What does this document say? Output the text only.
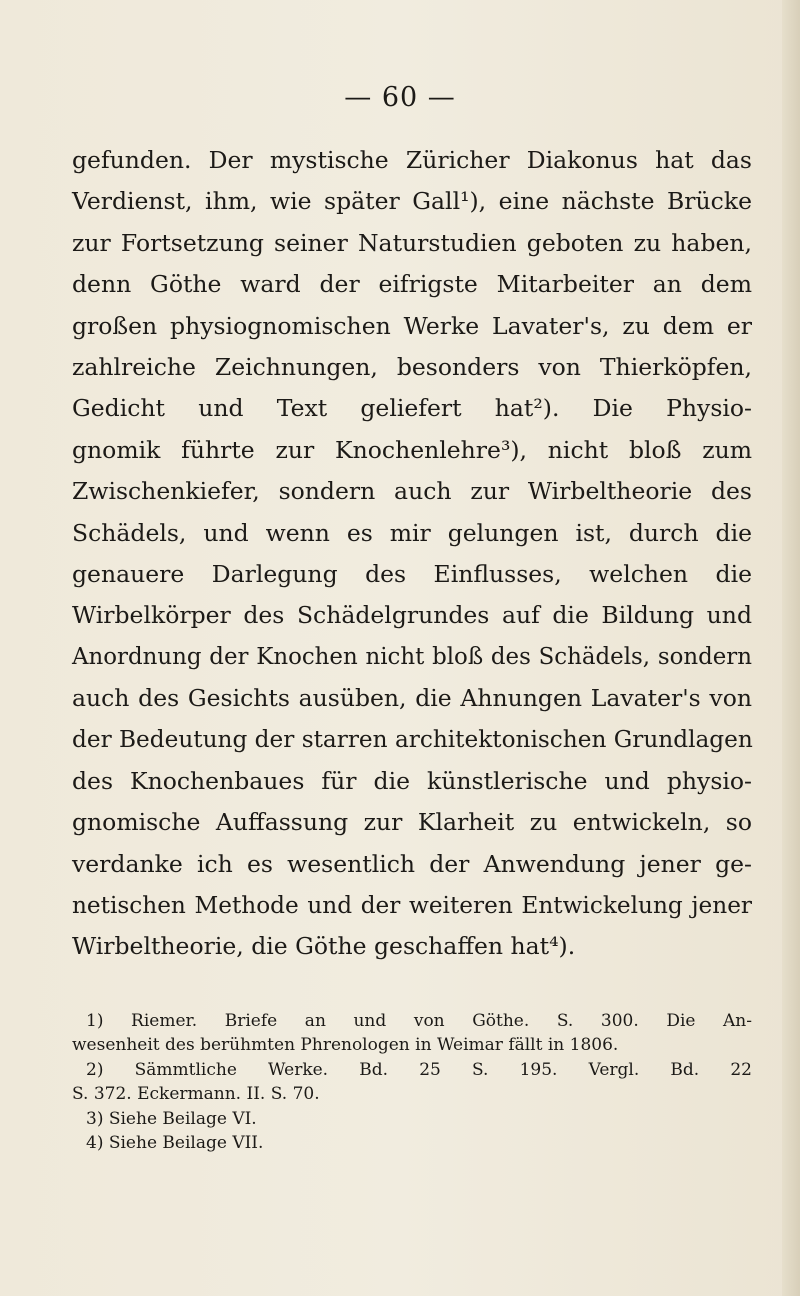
— 60 —
gefunden. Der mystische Züricher Diakonus hat das
Verdienst, ihm, wie später Gall¹), eine nächste Brücke
zur Fortsetzung seiner Naturstudien geboten zu haben,
denn Göthe ward der eifrigste Mitarbeiter an dem
großen physiognomischen Werke Lavater's, zu dem er
zahlreiche Zeichnungen, besonders von Thierköpfen,
Gedicht und Text geliefert hat²). Die Physio-
gnomik führte zur Knochenlehre³), nicht bloß zum
Zwischenkiefer, sondern auch zur Wirbeltheorie des
Schädels, und wenn es mir gelungen ist, durch die
genauere Darlegung des Einflusses, welchen die
Wirbelkörper des Schädelgrundes auf die Bildung und
Anordnung der Knochen nicht bloß des Schädels, sondern
auch des Gesichts ausüben, die Ahnungen Lavater's von
der Bedeutung der starren architektonischen Grundlagen
des Knochenbaues für die künstlerische und physio-
gnomische Auffassung zur Klarheit zu entwickeln, so
verdanke ich es wesentlich der Anwendung jener ge-
netischen Methode und der weiteren Entwickelung jener
Wirbeltheorie, die Göthe geschaffen hat⁴).
1) Riemer. Briefe an und von Göthe. S. 300. Die An-
wesenheit des berühmten Phrenologen in Weimar fällt in 1806.
2) Sämmtliche Werke. Bd. 25 S. 195. Vergl. Bd. 22
S. 372. Eckermann. II. S. 70.
3) Siehe Beilage VI.
4) Siehe Beilage VII.
